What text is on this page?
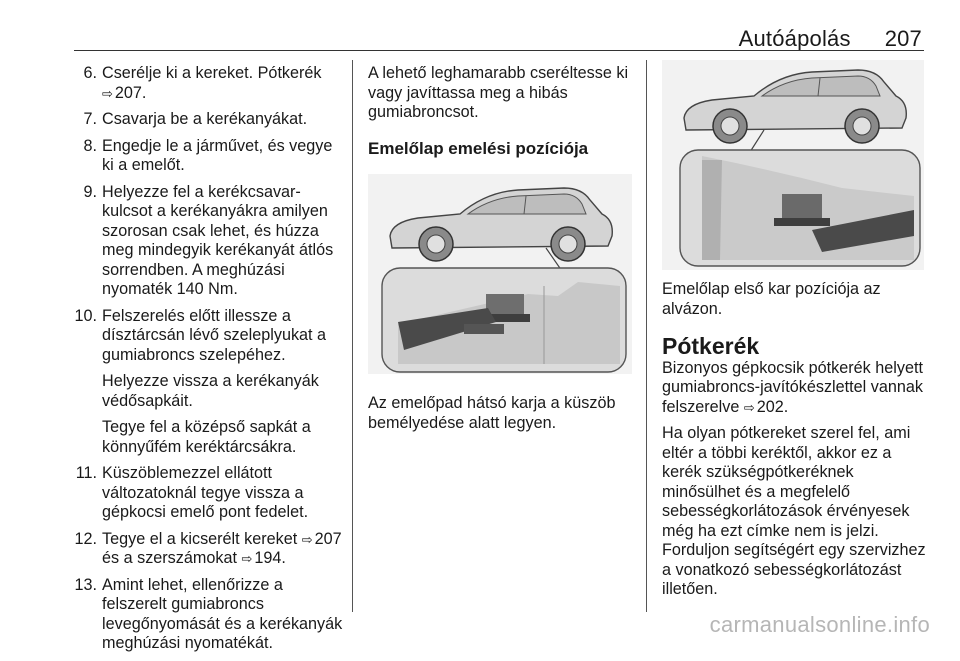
Autóápolás 207
6. Cserélje ki a kereket. Pótkerék ⇨ 207.

7. Csavarja be a kerékanyákat.

8. Engedje le a járművet, és vegye ki a emelőt.

9. Helyezze fel a kerékcsavar-kulcsot a kerékanyákra amilyen szorosan csak lehet, és húzza meg mindegyik kerékanyát átlós sorrendben. A meghúzási nyomaték 140 Nm.

10. Felszerelés előtt illessze a dísztárcsán lévő szeleplyukat a gumiabroncs szelepéhez.

Helyezze vissza a kerékanyák védősapkáit.

Tegye fel a középső sapkát a könnyűfém keréktárcsákra.

11. Küszöblemezzel ellátott változatoknál tegye vissza a gépkocsi emelő pont fedelet.

12. Tegye el a kicserélt kereket ⇨ 207 és a szerszámokat ⇨ 194.

13. Amint lehet, ellenőrizze a felszerelt gumiabroncs levegőnyomását és a kerékanyák meghúzási nyomatékát.

A lehető leghamarabb cseréltesse ki vagy javíttassa meg a hibás gumiabroncsot.

Emelőlap emelési pozíciója

Az emelőpad hátsó karja a küszöb bemélyedése alatt legyen.

Emelőlap első kar pozíciója az alvázon.

Pótkerék

Bizonyos gépkocsik pótkerék helyett gumiabroncs-javítókészlettel vannak felszerelve ⇨ 202.

Ha olyan pótkereket szerel fel, ami eltér a többi keréktől, akkor ez a kerék szükségpótkeréknek minősülhet és a megfelelő sebességkorlátozások érvényesek még ha ezt címke nem is jelzi. Forduljon segítségért egy szervizhez a vonatkozó sebességkorlátozást illetően.

carmanualsonline.info
